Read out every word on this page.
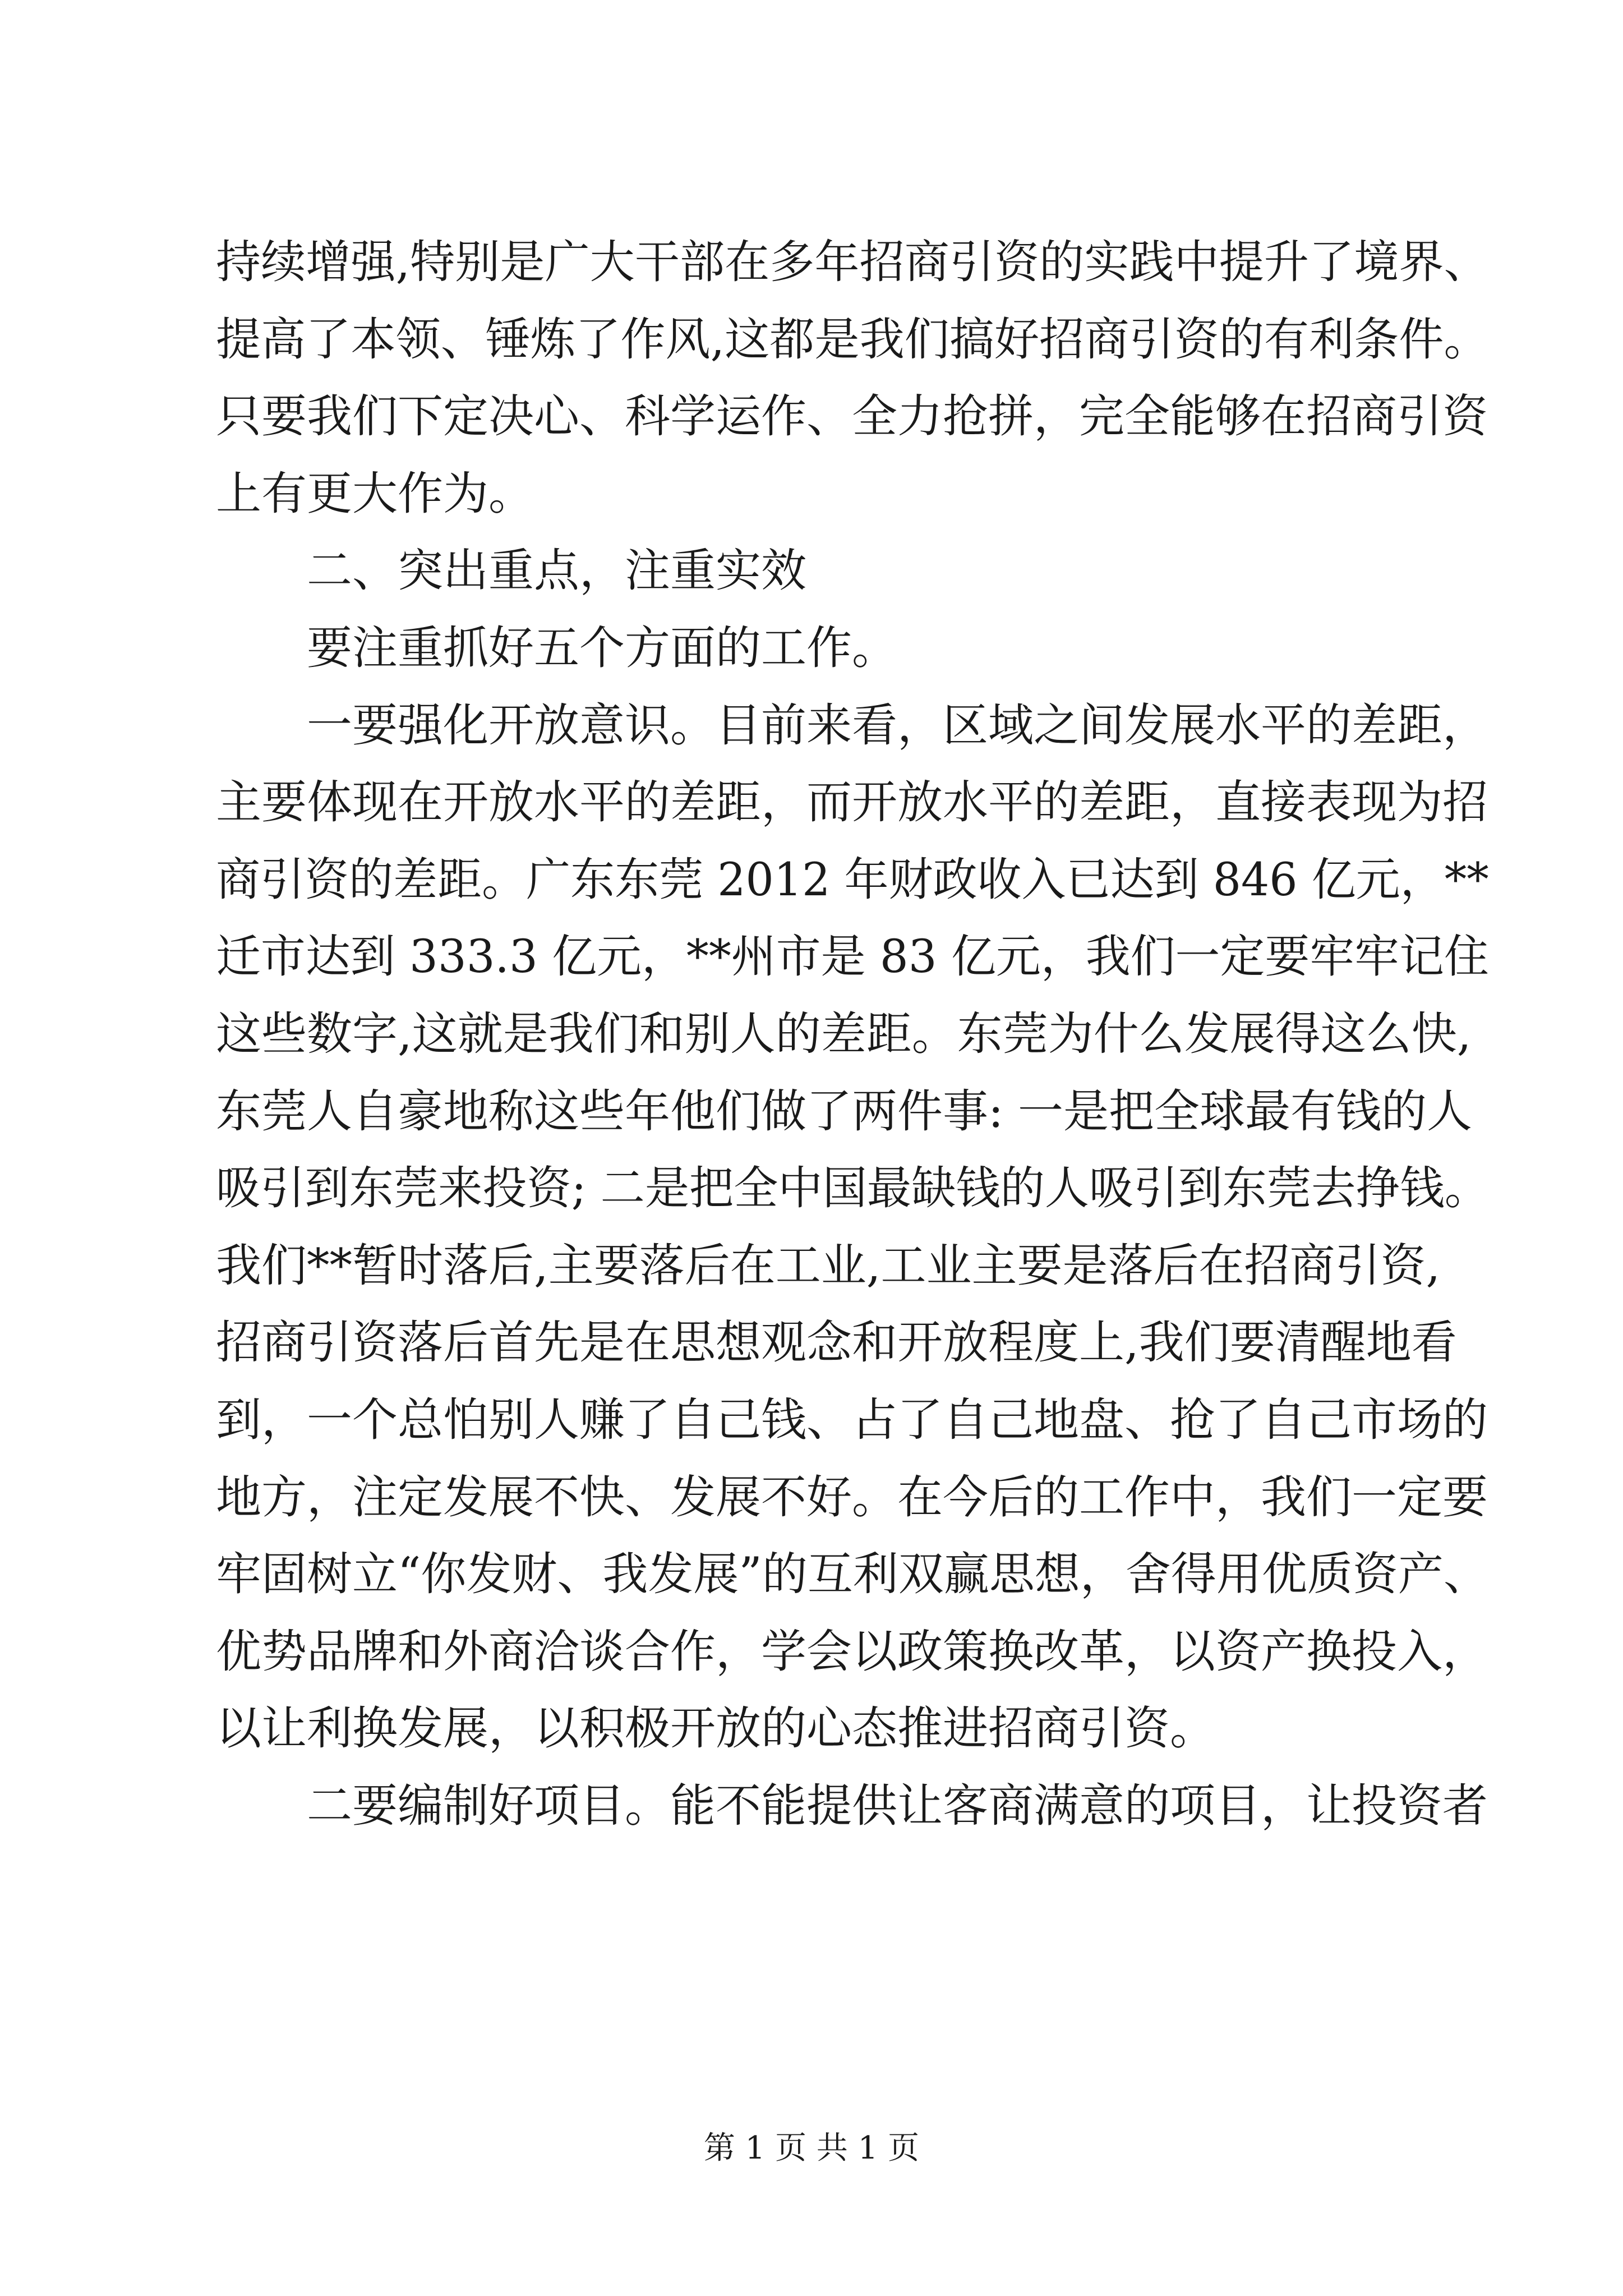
持续增强,特别是广大干部在多年招商引资的实践中提升了境界、
提高了本领、锤炼了作风,这都是我们搞好招商引资的有利条件。
只要我们下定决心、科学运作、全力抢拼，完全能够在招商引资
上有更大作为。
　　二、突出重点，注重实效
　　要注重抓好五个方面的工作。
　　一要强化开放意识。目前来看，区域之间发展水平的差距，
主要体现在开放水平的差距，而开放水平的差距，直接表现为招
商引资的差距。广东东莞 2012 年财政收入已达到 846 亿元，**
迁市达到 333.3 亿元，**州市是 83 亿元，我们一定要牢牢记住
这些数字,这就是我们和别人的差距。东莞为什么发展得这么快,
东莞人自豪地称这些年他们做了两件事: 一是把全球最有钱的人
吸引到东莞来投资; 二是把全中国最缺钱的人吸引到东莞去挣钱。
我们**暂时落后,主要落后在工业,工业主要是落后在招商引资,
招商引资落后首先是在思想观念和开放程度上,我们要清醒地看
到，一个总怕别人赚了自己钱、占了自己地盘、抢了自己市场的
地方，注定发展不快、发展不好。在今后的工作中，我们一定要
牢固树立“你发财、我发展”的互利双赢思想，舍得用优质资产、
优势品牌和外商洽谈合作，学会以政策换改革，以资产换投入，
以让利换发展，以积极开放的心态推进招商引资。
　　二要编制好项目。能不能提供让客商满意的项目，让投资者
第 1 页 共 1 页
